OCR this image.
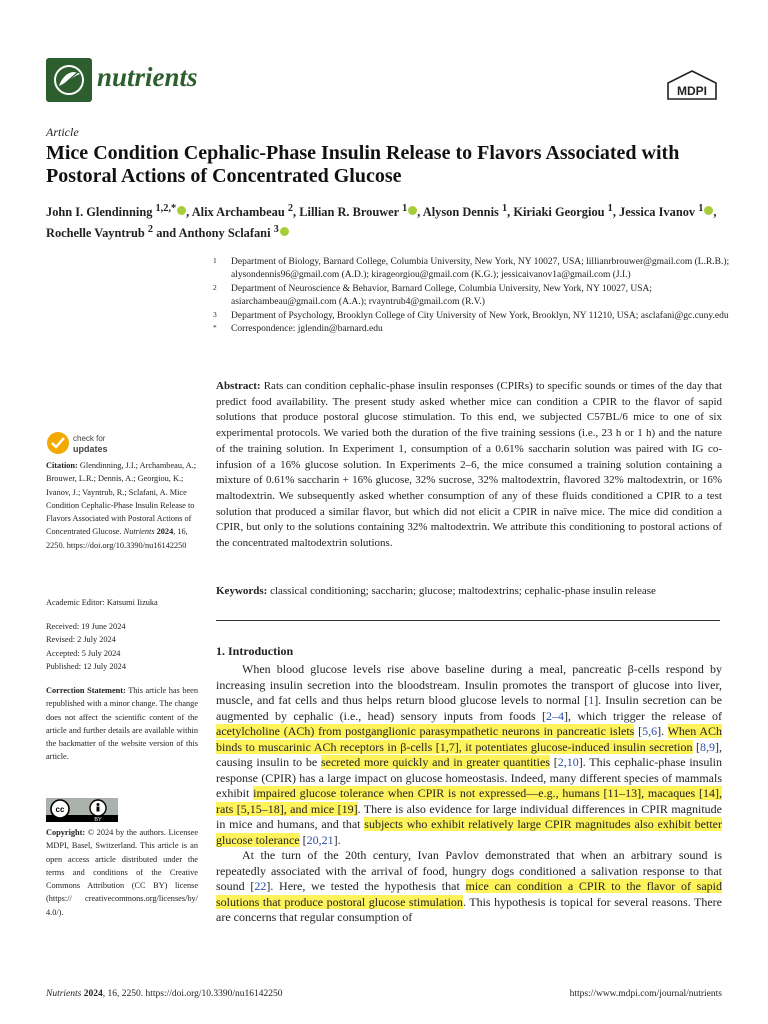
nutrients	MDPI
Article
Mice Condition Cephalic-Phase Insulin Release to Flavors Associated with Postoral Actions of Concentrated Glucose
John I. Glendinning $^{1,2,*}$ , Alix Archambeau $^2$, Lillian R. Brouwer $^1$ , Alyson Dennis $^1$, Kiriaki Georgiou $^1$, Jessica Ivanov $^1$ , Rochelle Vayntrub $^2$ and Anthony Sclafani $^3$
1 Department of Biology, Barnard College, Columbia University, New York, NY 10027, USA; lillianrbrouwer@gmail.com (L.R.B.); alysondennis96@gmail.com (A.D.); kirageorgiou@gmail.com (K.G.); jessicaivanov1a@gmail.com (J.I.)
2 Department of Neuroscience & Behavior, Barnard College, Columbia University, New York, NY 10027, USA; asiarchambeau@gmail.com (A.A.); rvayntrub4@gmail.com (R.V.)
3 Department of Psychology, Brooklyn College of City University of New York, Brooklyn, NY 11210, USA; asclafani@gc.cuny.edu
* Correspondence: jglendin@barnard.edu
Abstract: Rats can condition cephalic-phase insulin responses (CPIRs) to specific sounds or times of the day that predict food availability. The present study asked whether mice can condition a CPIR to the flavor of sapid solutions that produce postoral glucose stimulation. To this end, we subjected C57BL/6 mice to one of six experimental protocols. We varied both the duration of the five training sessions (i.e., 23 h or 1 h) and the nature of the training solution. In Experiment 1, consumption of a 0.61% saccharin solution was paired with IG co-infusion of a 16% glucose solution. In Experiments 2–6, the mice consumed a training solution containing a mixture of 0.61% saccharin + 16% glucose, 32% sucrose, 32% maltodextrin, flavored 32% maltodextrin, or 16% maltodextrin. We subsequently asked whether consumption of any of these fluids conditioned a CPIR to a test solution that produced a similar flavor, but which did not elicit a CPIR in naïve mice. The mice did condition a CPIR, but only to the solutions containing 32% maltodextrin. We attribute this conditioning to postoral actions of the concentrated maltodextrin solutions.
Keywords: classical conditioning; saccharin; glucose; maltodextrins; cephalic-phase insulin release
check for
updates
Citation: Glendinning, J.I.; Archambeau, A.; Brouwer, L.R.; Dennis, A.; Georgiou, K.; Ivanov, J.; Vayntrub, R.; Sclafani, A. Mice Condition Cephalic-Phase Insulin Release to Flavors Associated with Postoral Actions of Concentrated Glucose. Nutrients 2024, 16, 2250. https://doi.org/10.3390/nu16142250
Academic Editor: Katsumi Iizuka
Received: 19 June 2024
Revised: 2 July 2024
Accepted: 5 July 2024
Published: 12 July 2024
Correction Statement: This article has been republished with a minor change. The change does not affect the scientific content of the article and further details are available within the backmatter of the website version of this article.
cc
BY
Copyright: © 2024 by the authors. Licensee MDPI, Basel, Switzerland. This article is an open access article distributed under the terms and conditions of the Creative Commons Attribution (CC BY) license (https:// creativecommons.org/licenses/by/ 4.0/).
1. Introduction

When blood glucose levels rise above baseline during a meal, pancreatic β-cells respond by increasing insulin secretion into the bloodstream. Insulin promotes the transport of glucose into liver, muscle, and fat cells and thus helps return blood glucose levels to normal [1]. Insulin secretion can be augmented by cephalic (i.e., head) sensory inputs from foods [2–4], which trigger the release of acetylcholine (ACh) from postganglionic parasympathetic neurons in pancreatic islets [5,6]. When ACh binds to muscarinic ACh receptors in β-cells [1,7], it potentiates glucose-induced insulin secretion [8,9], causing insulin to be secreted more quickly and in greater quantities [2,10]. This cephalic-phase insulin response (CPIR) has a large impact on glucose homeostasis. Indeed, many different species of mammals exhibit impaired glucose tolerance when CPIR is not expressed—e.g., humans [11–13], macaques [14], rats [5,15–18], and mice [19]. There is also evidence for large individual differences in CPIR magnitude in mice and humans, and that subjects who exhibit relatively large CPIR magnitudes also exhibit better glucose tolerance [20,21].

At the turn of the 20th century, Ivan Pavlov demonstrated that when an arbitrary sound is repeatedly associated with the arrival of food, hungry dogs conditioned a salivation response to that sound [22]. Here, we tested the hypothesis that mice can condition a CPIR to the flavor of sapid solutions that produce postoral glucose stimulation. This hypothesis is topical for several reasons. There are concerns that regular consumption of

Nutrients 2024, 16, 2250. https://doi.org/10.3390/nu16142250	https://www.mdpi.com/journal/nutrients
